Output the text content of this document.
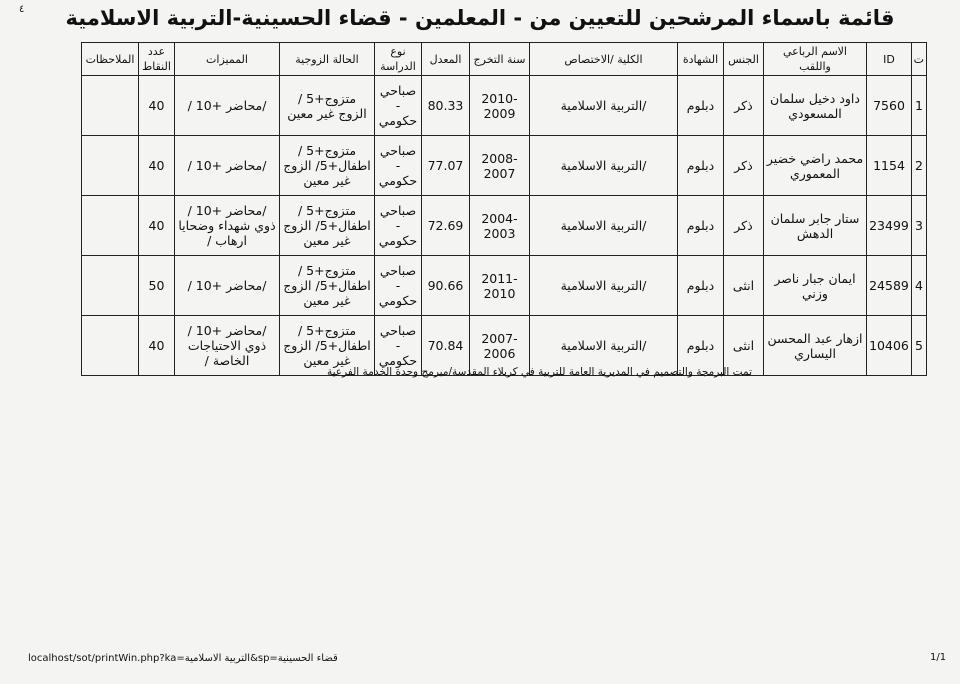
٤	قائمة باسماء المرشحين للتعيين من - المعلمين - قضاء الحسينية-التربية الاسلامية
ت	ID	الاسم الرباعي واللقب	الجنس	الشهادة	الكلية /الاختصاص	سنة التخرج	المعدل	نوع الدراسة	الحالة الزوجية	المميزات	عدد النقاط	الملاحظات
1	7560	داود دخيل سلمان المسعودي	ذكر	دبلوم	/التربية الاسلامية	2010-2009	80.33	صباحي - حكومي	متزوج+5 / الزوج غير معين	/محاضر +10 /	40	
2	1154	محمد راضي خضير المعموري	ذكر	دبلوم	/التربية الاسلامية	2008-2007	77.07	صباحي - حكومي	متزوج+5 / اطفال+5/ الزوج غير معين	/محاضر +10 /	40	
3	23499	ستار جابر سلمان الدهش	ذكر	دبلوم	/التربية الاسلامية	2004-2003	72.69	صباحي - حكومي	متزوج+5 / اطفال+5/ الزوج غير معين	/محاضر +10 /ذوي شهداء وضحايا ارهاب /	40	
4	24589	ايمان جبار ناصر وزني	انثى	دبلوم	/التربية الاسلامية	2011-2010	90.66	صباحي - حكومي	متزوج+5 / اطفال+5/ الزوج غير معين	/محاضر +10 /	50	
5	10406	ازهار عبد المحسن اليساري	انثى	دبلوم	/التربية الاسلامية	2007-2006	70.84	صباحي - حكومي	متزوج+5 / اطفال+5/ الزوج غير معين	/محاضر +10 /ذوي الاحتياجات الخاصة /	40	
تمت البرمجة والتصميم في المديرية العامة للتربية في كربلاء المقدسة/مبرمج وحدة الخدمة الفرعية
localhost/sot/printWin.php?ka=التربية الاسلامية&sp=قضاء الحسينية	1/1
